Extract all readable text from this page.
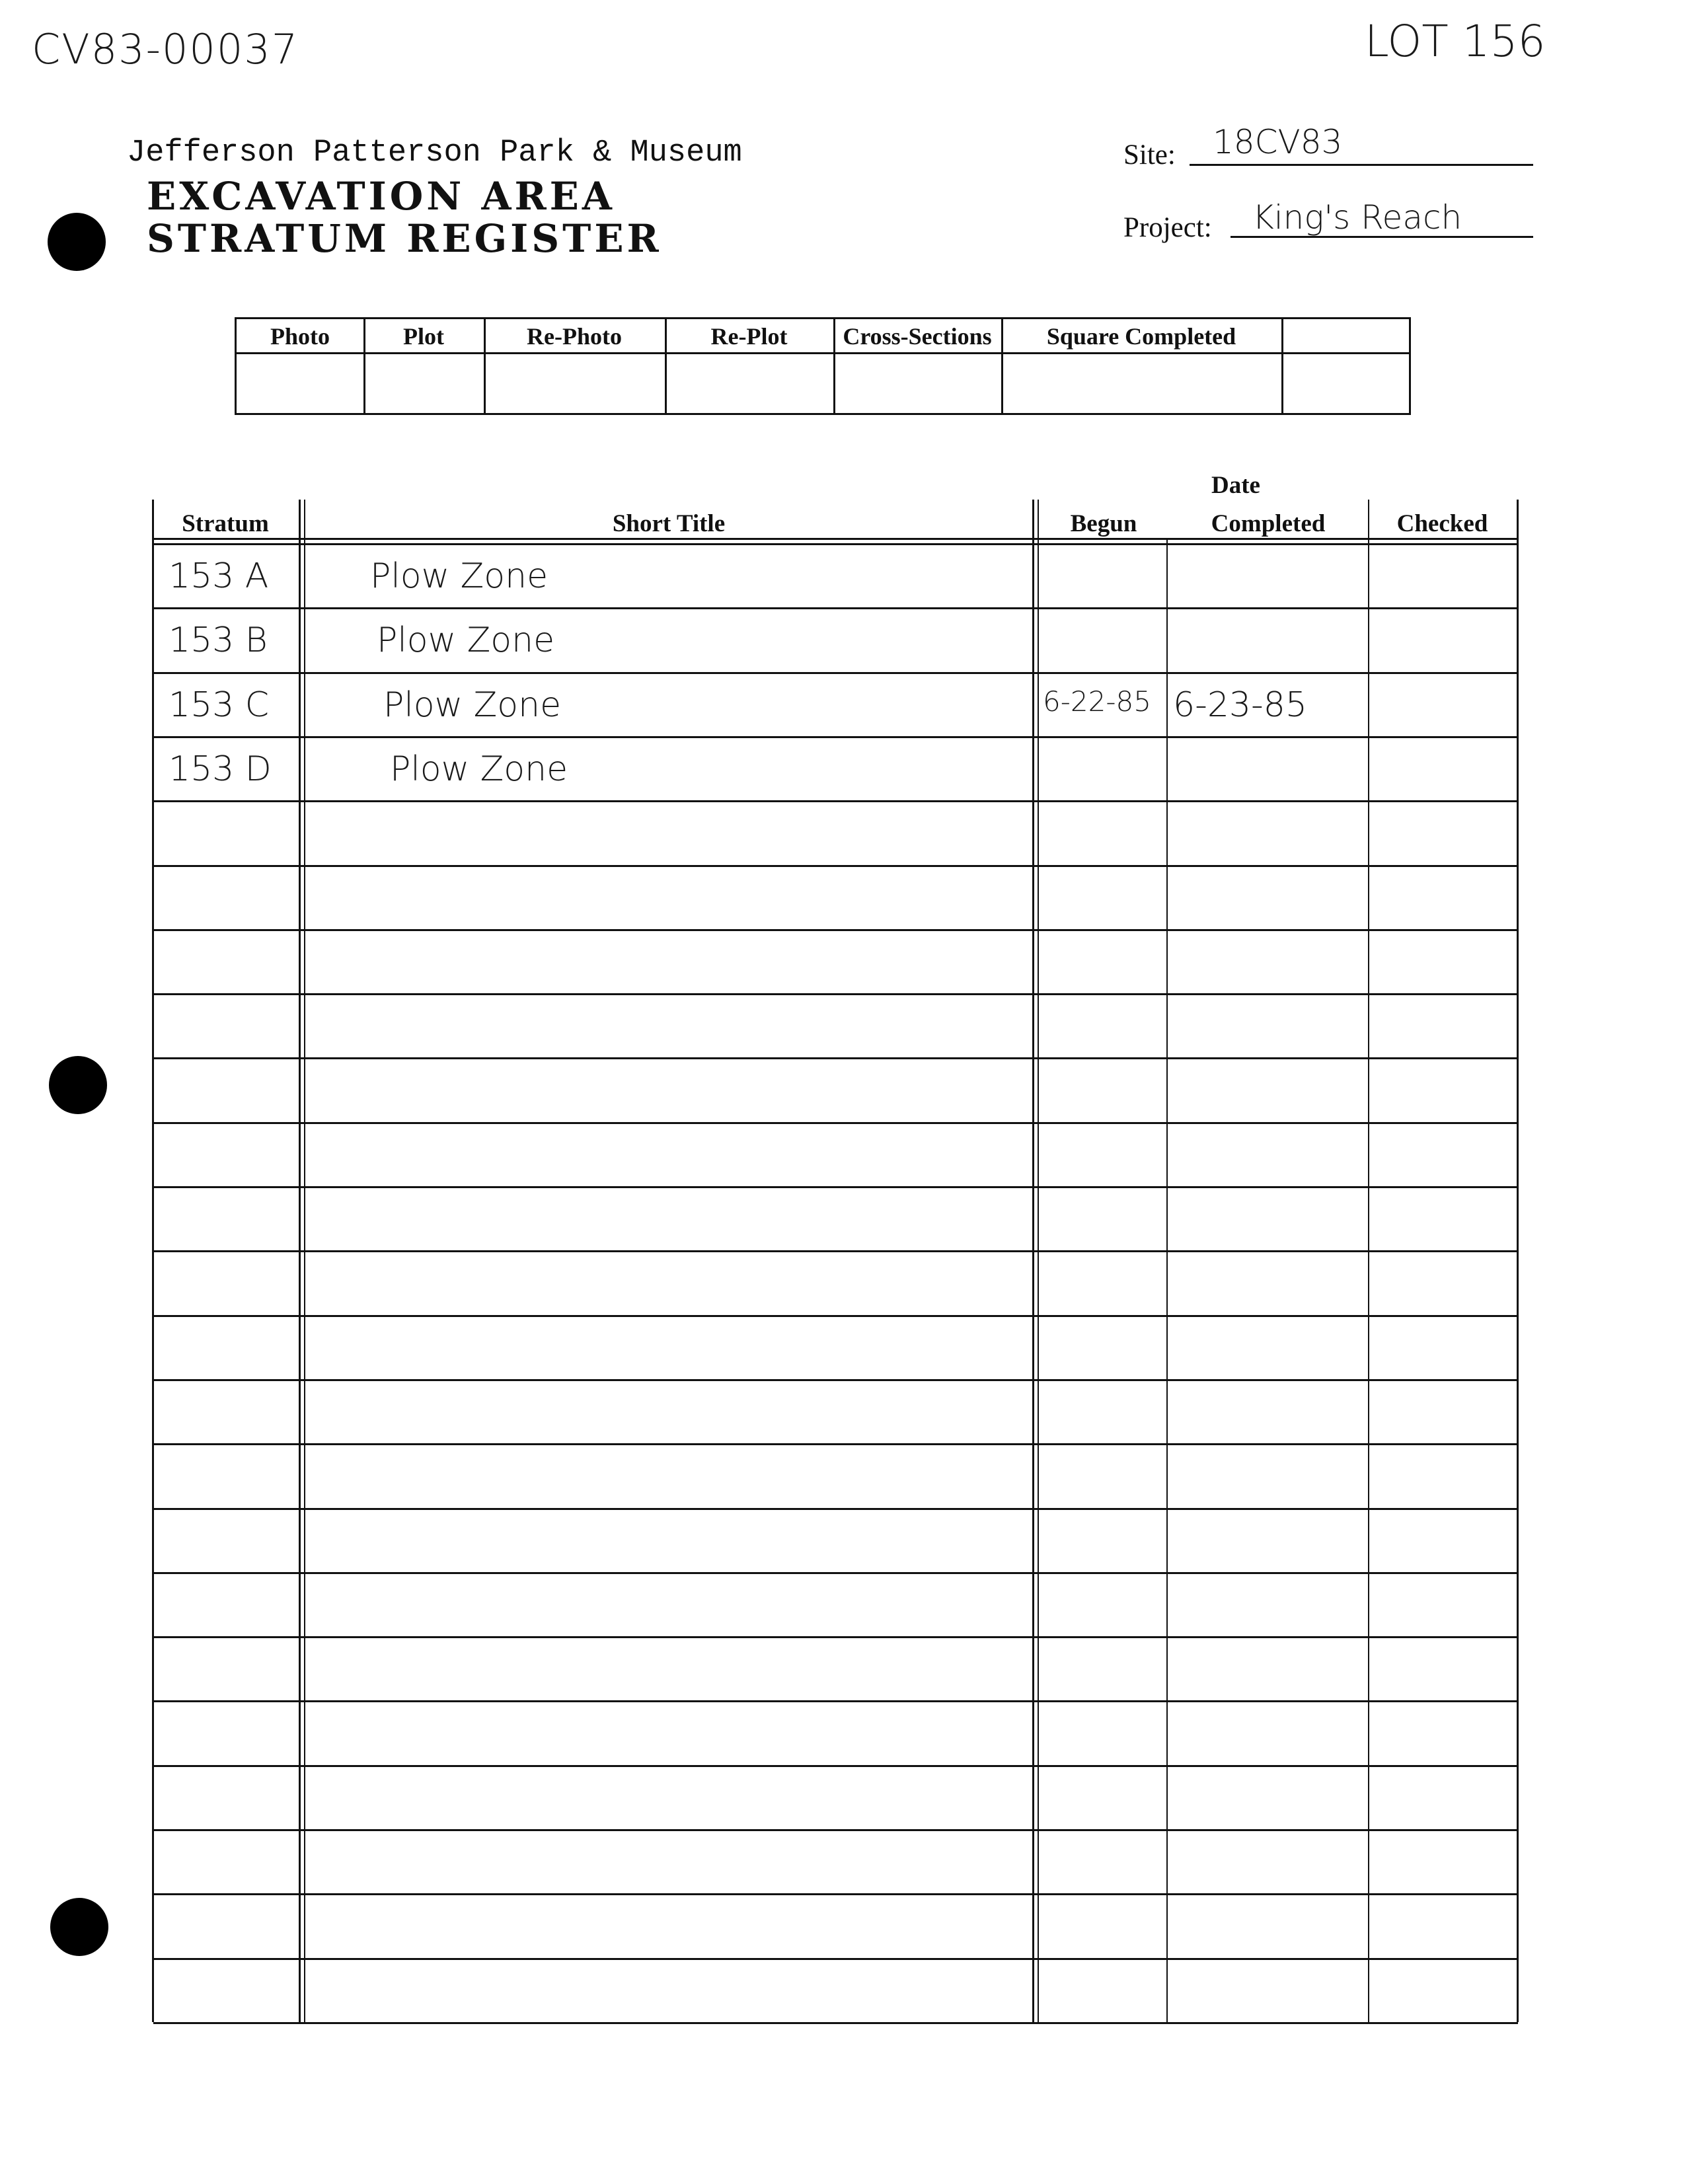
CV83-00037	LOT 156
Jefferson Patterson Park & Museum
EXCAVATION AREA
STRATUM REGISTER
Site: 18CV83
Project: King's Reach
Photo	Plot	Re-Photo	Re-Plot	Cross-Sections	Square Completed
Date
Stratum	Short Title	Begun	Completed	Checked
153 A	Plow Zone
153 B	Plow Zone
153 C	Plow Zone	6-22-85 6-23-85
153 D	Plow Zone
